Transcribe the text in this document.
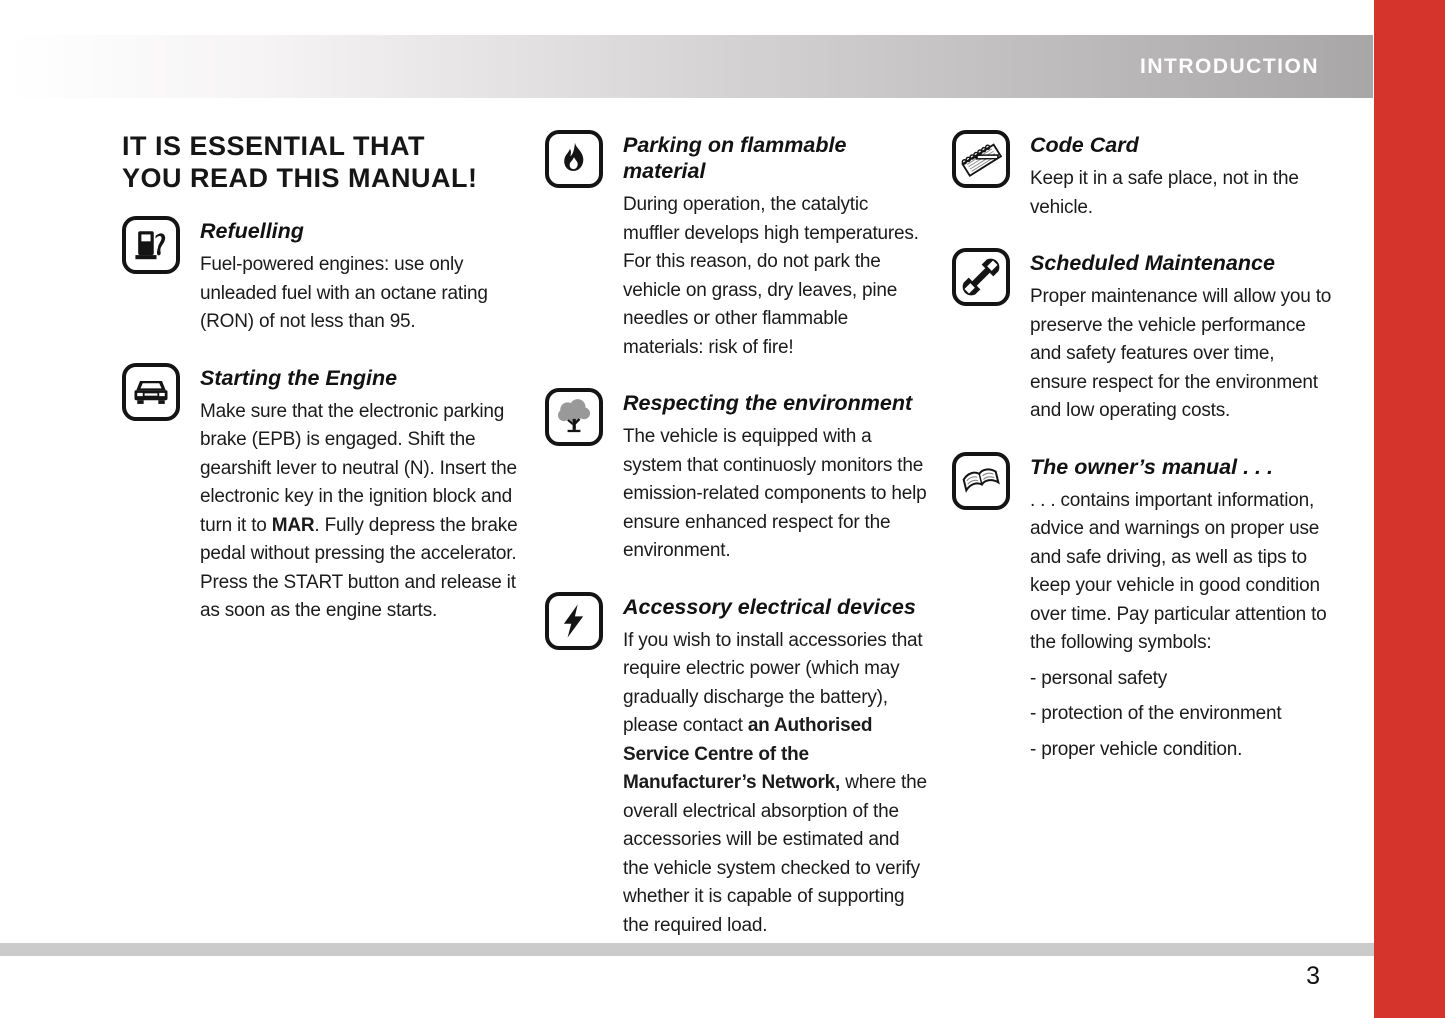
INTRODUCTION
IT IS ESSENTIAL THAT
YOU READ THIS MANUAL!
Refuelling
Fuel-powered engines: use only unleaded fuel with an octane rating (RON) of not less than 95.
Starting the Engine
Make sure that the electronic parking brake (EPB) is engaged. Shift the gearshift lever to neutral (N). Insert the electronic key in the ignition block and turn it to MAR. Fully depress the brake pedal without pressing the accelerator. Press the START button and release it as soon as the engine starts.
Parking on flammable material
During operation, the catalytic muffler develops high temperatures. For this reason, do not park the vehicle on grass, dry leaves, pine needles or other flammable materials: risk of fire!
Respecting the environment
The vehicle is equipped with a system that continuosly monitors the emission-related components to help ensure enhanced respect for the environment.
Accessory electrical devices
If you wish to install accessories that require electric power (which may gradually discharge the battery), please contact an Authorised Service Centre of the Manufacturer’s Network, where the overall electrical absorption of the accessories will be estimated and the vehicle system checked to verify whether it is capable of supporting the required load.
Code Card
Keep it in a safe place, not in the vehicle.
Scheduled Maintenance
Proper maintenance will allow you to preserve the vehicle performance and safety features over time, ensure respect for the environment and low operating costs.
The owner’s manual . . .
. . . contains important information, advice and warnings on proper use and safe driving, as well as tips to keep your vehicle in good condition over time. Pay particular attention to the following symbols:
- personal safety
- protection of the environment
- proper vehicle condition.
3
